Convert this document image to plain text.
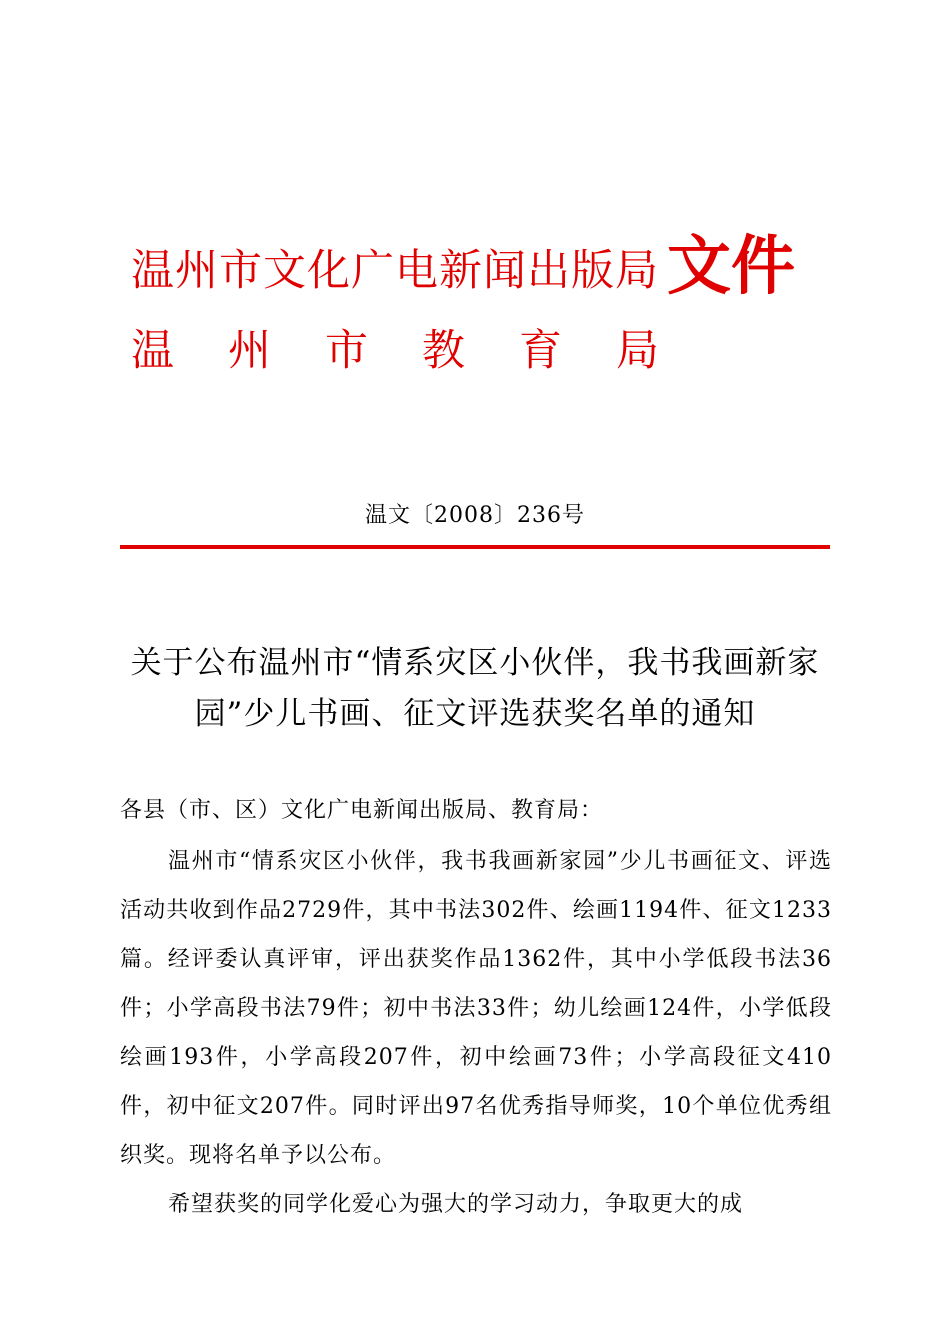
温州市文化广电新闻出版局 文件
温州市教育局
温文〔2008〕236号
关于公布温州市“情系灾区小伙伴，我书我画新家园”少儿书画、征文评选获奖名单的通知
各县（市、区）文化广电新闻出版局、教育局：
温州市“情系灾区小伙伴，我书我画新家园”少儿书画征文、评选活动共收到作品2729件，其中书法302件、绘画1194件、征文1233篇。经评委认真评审，评出获奖作品1362件，其中小学低段书法36件；小学高段书法79件；初中书法33件；幼儿绘画124件，小学低段绘画193件，小学高段207件，初中绘画73件；小学高段征文410件，初中征文207件。同时评出97名优秀指导师奖，10个单位优秀组织奖。现将名单予以公布。
希望获奖的同学化爱心为强大的学习动力，争取更大的成
